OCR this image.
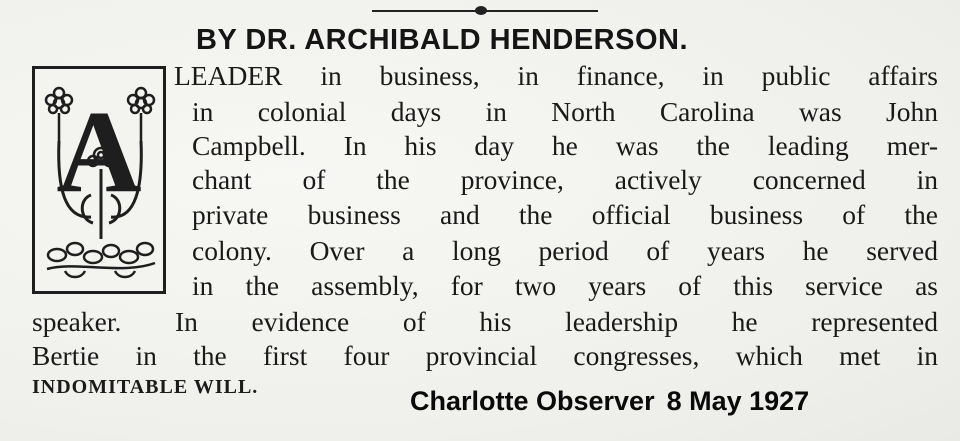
BY DR. ARCHIBALD HENDERSON.
A
LEADER in business, in finance, in public affairs
in colonial days in North Carolina was John
Campbell. In his day he was the leading mer-
chant of the province, actively concerned in
private business and the official business of the
colony. Over a long period of years he served
in the assembly, for two years of this service as
speaker. In evidence of his leadership he represented
Bertie in the first four provincial congresses, which met in
INDOMITABLE WILL.	Charlotte Observer 8 May 1927
